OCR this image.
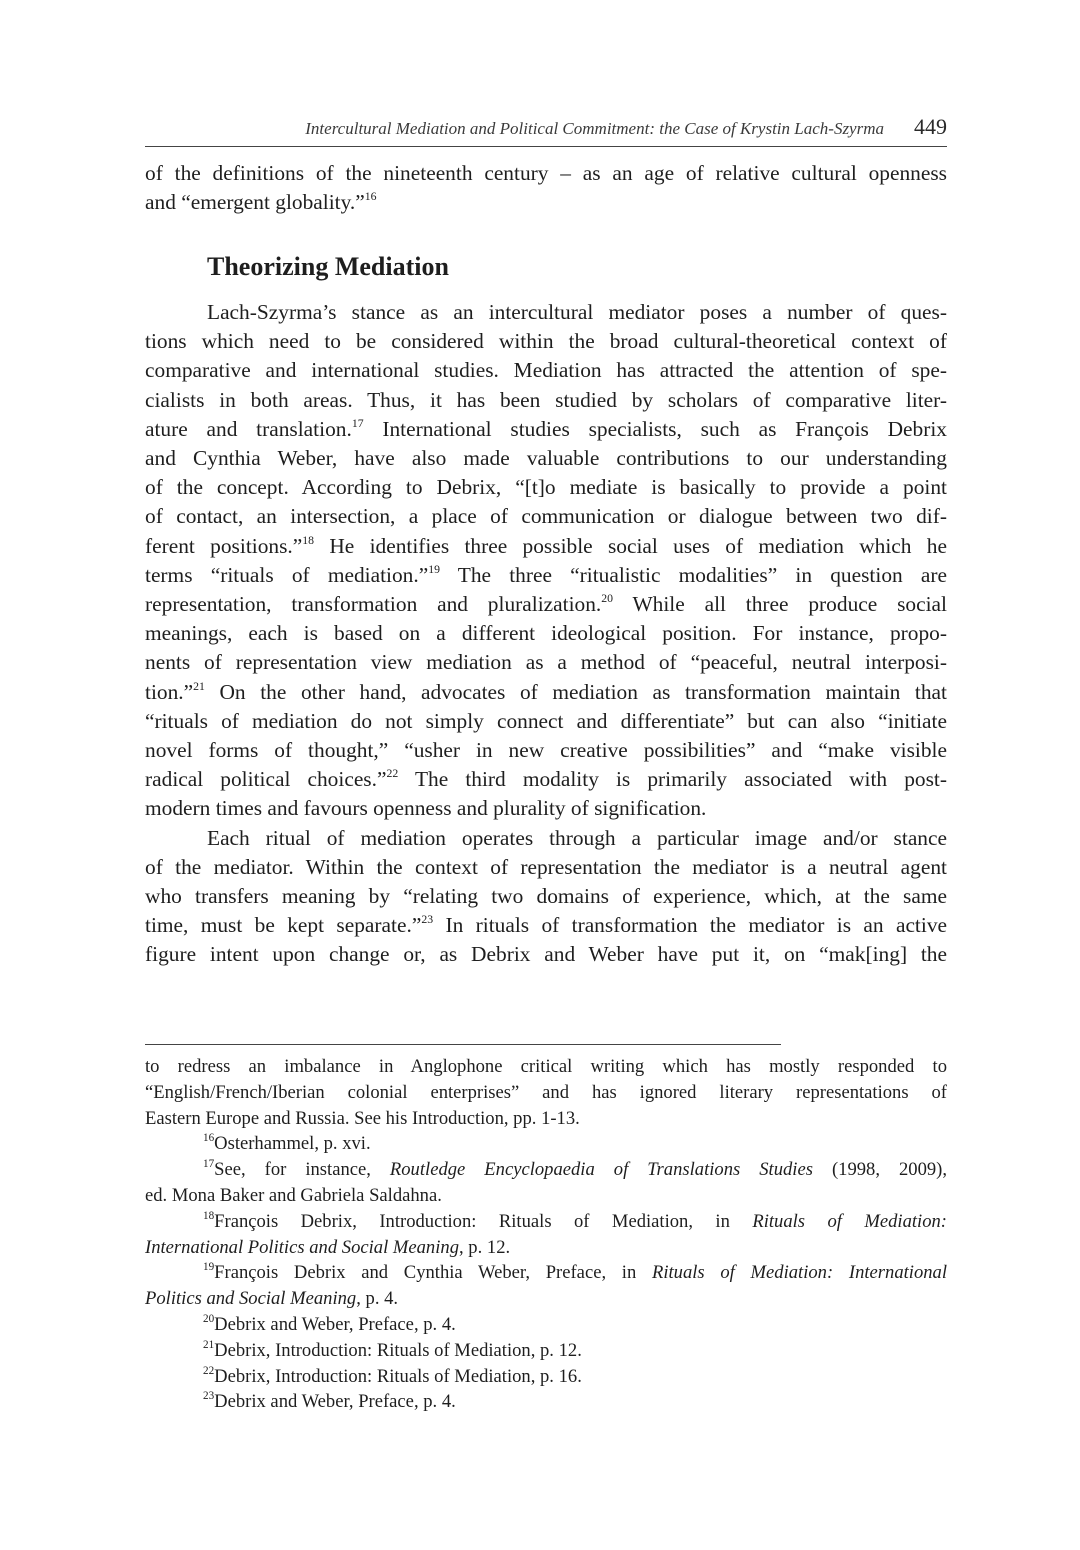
Intercultural Mediation and Political Commitment: the Case of Krystin Lach-Szyrma 449
of the definitions of the nineteenth century – as an age of relative cultural openness
and “emergent globality.”$^{16}$
Theorizing Mediation
Lach-Szyrma’s stance as an intercultural mediator poses a number of ques-
tions which need to be considered within the broad cultural-theoretical context of
comparative and international studies. Mediation has attracted the attention of spe-
cialists in both areas. Thus, it has been studied by scholars of comparative liter-
ature and translation.$^{17}$ International studies specialists, such as François Debrix
and Cynthia Weber, have also made valuable contributions to our understanding
of the concept. According to Debrix, “[t]o mediate is basically to provide a point
of contact, an intersection, a place of communication or dialogue between two dif-
ferent positions.”$^{18}$ He identifies three possible social uses of mediation which he
terms “rituals of mediation.”$^{19}$ The three “ritualistic modalities” in question are
representation, transformation and pluralization.$^{20}$ While all three produce social
meanings, each is based on a different ideological position. For instance, propo-
nents of representation view mediation as a method of “peaceful, neutral interposi-
tion.”$^{21}$ On the other hand, advocates of mediation as transformation maintain that
“rituals of mediation do not simply connect and differentiate” but can also “initiate
novel forms of thought,” “usher in new creative possibilities” and “make visible
radical political choices.”$^{22}$ The third modality is primarily associated with post-
modern times and favours openness and plurality of signification.
Each ritual of mediation operates through a particular image and/or stance
of the mediator. Within the context of representation the mediator is a neutral agent
who transfers meaning by “relating two domains of experience, which, at the same
time, must be kept separate.”$^{23}$ In rituals of transformation the mediator is an active
figure intent upon change or, as Debrix and Weber have put it, on “mak[ing] the
to redress an imbalance in Anglophone critical writing which has mostly responded to
“English/French/Iberian colonial enterprises” and has ignored literary representations of
Eastern Europe and Russia. See his Introduction, pp. 1-13.
$^{16}$Osterhammel, p. xvi.
$^{17}$See, for instance, Routledge Encyclopaedia of Translations Studies (1998, 2009),
ed. Mona Baker and Gabriela Saldahna.
$^{18}$François Debrix, Introduction: Rituals of Mediation, in Rituals of Mediation:
International Politics and Social Meaning, p. 12.
$^{19}$François Debrix and Cynthia Weber, Preface, in Rituals of Mediation: International
Politics and Social Meaning, p. 4.
$^{20}$Debrix and Weber, Preface, p. 4.
$^{21}$Debrix, Introduction: Rituals of Mediation, p. 12.
$^{22}$Debrix, Introduction: Rituals of Mediation, p. 16.
$^{23}$Debrix and Weber, Preface, p. 4.
